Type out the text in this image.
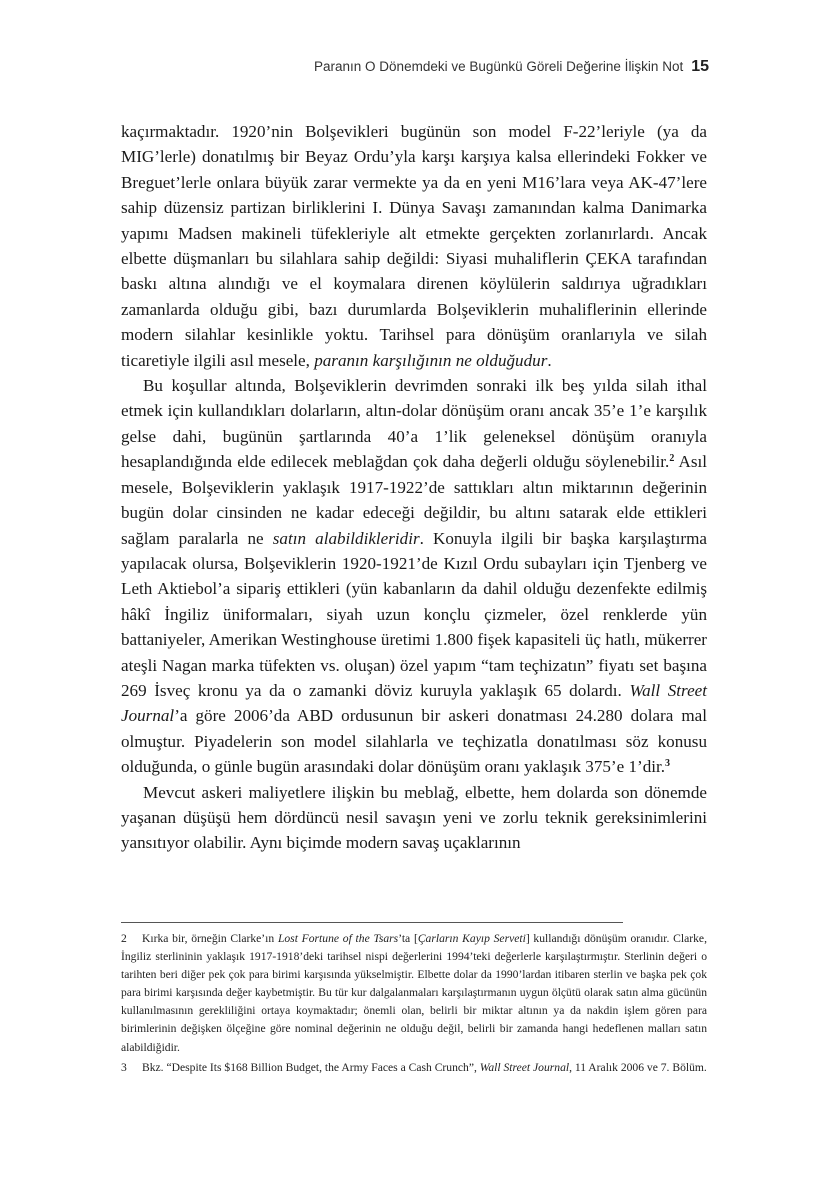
Paranın O Dönemdeki ve Bugünkü Göreli Değerine İlişkin Not 15

kaçırmaktadır. 1920’nin Bolşevikleri bugünün son model F-22’leriyle (ya da MIG’lerle) donatılmış bir Beyaz Ordu’yla karşı karşıya kalsa ellerindeki Fokker ve Breguet’lerle onlara büyük zarar vermekte ya da en yeni M16’lara veya AK-47’lere sahip düzensiz partizan birliklerini I. Dünya Savaşı zamanından kalma Danimarka yapımı Madsen makineli tüfekleriyle alt etmekte gerçekten zorlanırlardı. Ancak elbette düşmanları bu silahlara sahip değildi: Siyasi muhaliflerin ÇEKA tarafından baskı altına alındığı ve el koymalara direnen köylülerin saldırıya uğradıkları zamanlarda olduğu gibi, bazı durumlarda Bolşeviklerin muhaliflerinin ellerinde modern silahlar kesinlikle yoktu. Tarihsel para dönüşüm oranlarıyla ve silah ticaretiyle ilgili asıl mesele, paranın karşılığının ne olduğudur.

Bu koşullar altında, Bolşeviklerin devrimden sonraki ilk beş yılda silah ithal etmek için kullandıkları dolarların, altın-dolar dönüşüm oranı ancak 35’e 1’e karşılık gelse dahi, bugünün şartlarında 40’a 1’lik geleneksel dönüşüm oranıyla hesaplandığında elde edilecek meblağdan çok daha değerli olduğu söylenebilir.$^2$ Asıl mesele, Bolşeviklerin yaklaşık 1917-1922’de sattıkları altın miktarının değerinin bugün dolar cinsinden ne kadar edeceği değildir, bu altını satarak elde ettikleri sağlam paralarla ne satın alabildikleridir. Konuyla ilgili bir başka karşılaştırma yapılacak olursa, Bolşeviklerin 1920-1921’de Kızıl Ordu subayları için Tjenberg ve Leth Aktiebol’a sipariş ettikleri (yün kabanların da dahil olduğu dezenfekte edilmiş hâkî İngiliz üniformaları, siyah uzun konçlu çizmeler, özel renklerde yün battaniyeler, Amerikan Westinghouse üretimi 1.800 fişek kapasiteli üç hatlı, mükerrer ateşli Nagan marka tüfekten vs. oluşan) özel yapım “tam teçhizatın” fiyatı set başına 269 İsveç kronu ya da o zamanki döviz kuruyla yaklaşık 65 dolardı. Wall Street Journal’a göre 2006’da ABD ordusunun bir askeri donatması 24.280 dolara mal olmuştur. Piyadelerin son model silahlarla ve teçhizatla donatılması söz konusu olduğunda, o günle bugün arasındaki dolar dönüşüm oranı yaklaşık 375’e 1’dir.$^3$

Mevcut askeri maliyetlere ilişkin bu meblağ, elbette, hem dolarda son dönemde yaşanan düşüşü hem dördüncü nesil savaşın yeni ve zorlu teknik gereksinimlerini yansıtıyor olabilir. Aynı biçimde modern savaş uçaklarının

2 Kırka bir, örneğin Clarke’ın Lost Fortune of the Tsars’ta [Çarların Kayıp Serveti] kullandığı dönüşüm oranıdır. Clarke, İngiliz sterlininin yaklaşık 1917-1918’deki tarihsel nispi değerlerini 1994’teki değerlerle karşılaştırmıştır. Sterlinin değeri o tarihten beri diğer pek çok para birimi karşısında yükselmiştir. Elbette dolar da 1990’lardan itibaren sterlin ve başka pek çok para birimi karşısında değer kaybetmiştir. Bu tür kur dalgalanmaları karşılaştırmanın uygun ölçütü olarak satın alma gücünün kullanılmasının gerekliliğini ortaya koymaktadır; önemli olan, belirli bir miktar altının ya da nakdin işlem gören para birimlerinin değişken ölçeğine göre nominal değerinin ne olduğu değil, belirli bir zamanda hangi hedeflenen malları satın alabildiğidir.

3 Bkz. “Despite Its $168 Billion Budget, the Army Faces a Cash Crunch”, Wall Street Journal, 11 Aralık 2006 ve 7. Bölüm.
